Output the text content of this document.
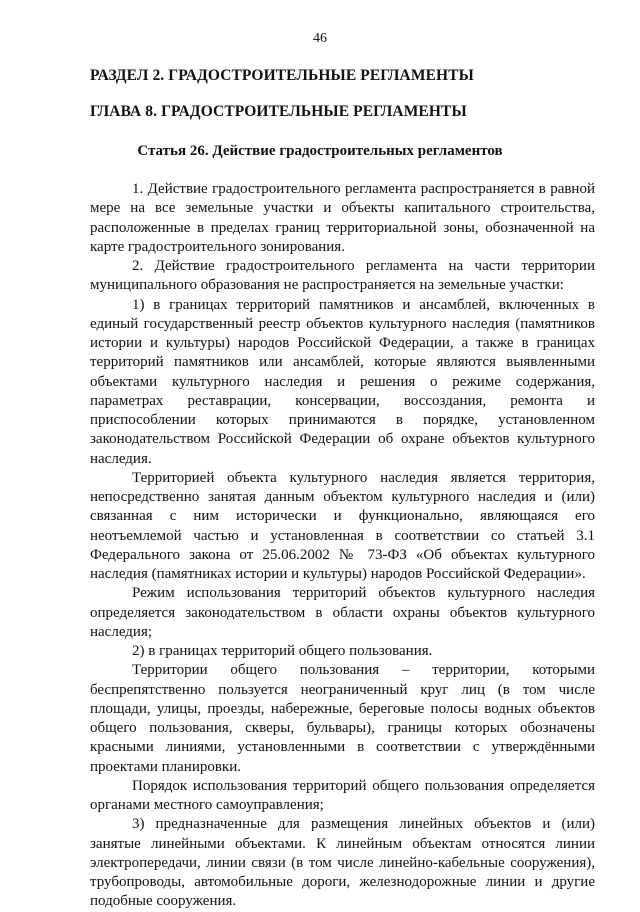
46
РАЗДЕЛ 2. ГРАДОСТРОИТЕЛЬНЫЕ РЕГЛАМЕНТЫ
ГЛАВА 8. ГРАДОСТРОИТЕЛЬНЫЕ РЕГЛАМЕНТЫ
Статья 26. Действие градостроительных регламентов

1. Действие градостроительного регламента распространяется в равной мере на все земельные участки и объекты капитального строительства, расположенные в пределах границ территориальной зоны, обозначенной на карте градостроительного зонирования.

2. Действие градостроительного регламента на части территории муниципального образования не распространяется на земельные участки:

1) в границах территорий памятников и ансамблей, включенных в единый государственный реестр объектов культурного наследия (памятников истории и культуры) народов Российской Федерации, а также в границах территорий памятников или ансамблей, которые являются выявленными объектами культурного наследия и решения о режиме содержания, параметрах реставрации, консервации, воссоздания, ремонта и приспособлении которых принимаются в порядке, установленном законодательством Российской Федерации об охране объектов культурного наследия.

Территорией объекта культурного наследия является территория, непосредственно занятая данным объектом культурного наследия и (или) связанная с ним исторически и функционально, являющаяся его неотъемлемой частью и установленная в соответствии со статьей 3.1 Федерального закона от 25.06.2002 № 73-ФЗ «Об объектах культурного наследия (памятниках истории и культуры) народов Российской Федерации».

Режим использования территорий объектов культурного наследия определяется законодательством в области охраны объектов культурного наследия;

2) в границах территорий общего пользования.

Территории общего пользования – территории, которыми беспрепятственно пользуется неограниченный круг лиц (в том числе площади, улицы, проезды, набережные, береговые полосы водных объектов общего пользования, скверы, бульвары), границы которых обозначены красными линиями, установленными в соответствии с утверждёнными проектами планировки.

Порядок использования территорий общего пользования определяется органами местного самоуправления;

3) предназначенные для размещения линейных объектов и (или) занятые линейными объектами. К линейным объектам относятся линии электропередачи, линии связи (в том числе линейно-кабельные сооружения), трубопроводы, автомобильные дороги, железнодорожные линии и другие подобные сооружения.
